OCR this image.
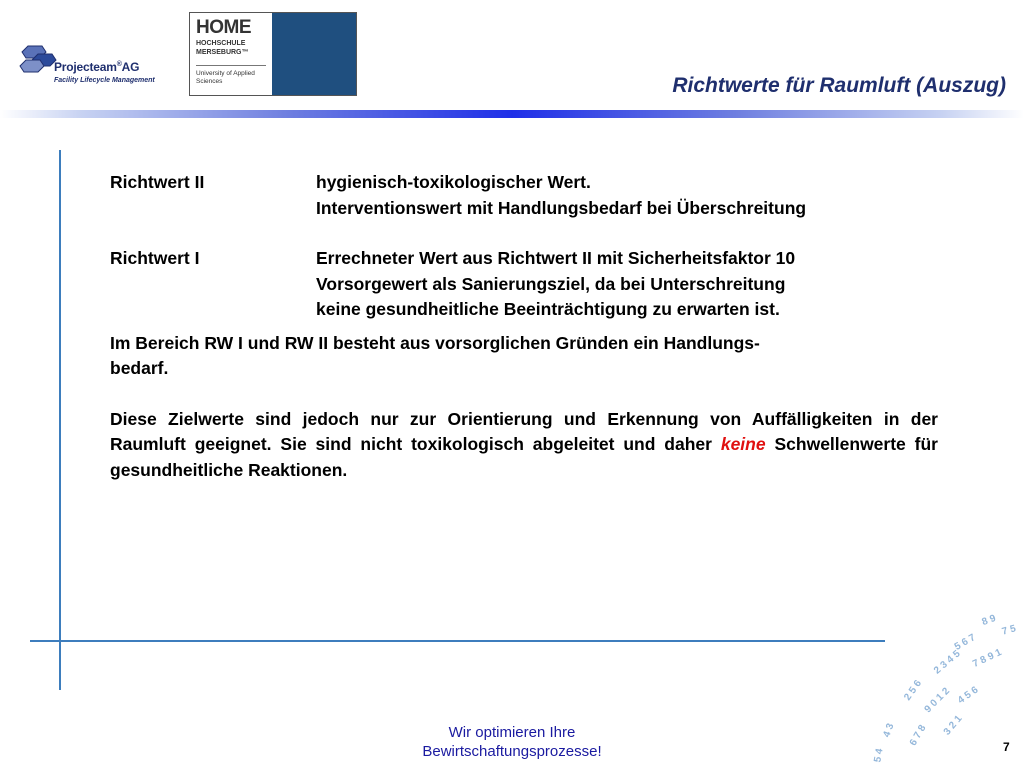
Projecteam®AG
Facility Lifecycle Management
HOME
HOCHSCHULE
MERSEBURG™
University of Applied Sciences	Richtwerte für Raumluft (Auszug)
Richtwert II	hygienisch-toxikologischer Wert.
Interventionswert mit Handlungsbedarf bei Überschreitung
Richtwert I	Errechneter Wert aus Richtwert II mit Sicherheitsfaktor 10
Vorsorgewert als Sanierungsziel, da bei Unterschreitung
keine gesundheitliche Beeinträchtigung zu erwarten ist.
Im Bereich RW I und RW II besteht aus vorsorglichen Gründen ein Handlungs-
bedarf.
Diese Zielwerte sind jedoch nur zur Orientierung und Erkennung von Auffälligkeiten in der Raumluft geeignet. Sie sind nicht toxikologisch abgeleitet und daher keine Schwellenwerte für gesundheitliche Reaktionen.
8 9
7 5
5 6 7
2 3 4 5 7 8 9 1
2 5 6
9 0 1 2 4 5 6
4 3 6 7 8 3 2 1
5 4
Wir optimieren Ihre
Bewirtschaftungsprozesse!	7
